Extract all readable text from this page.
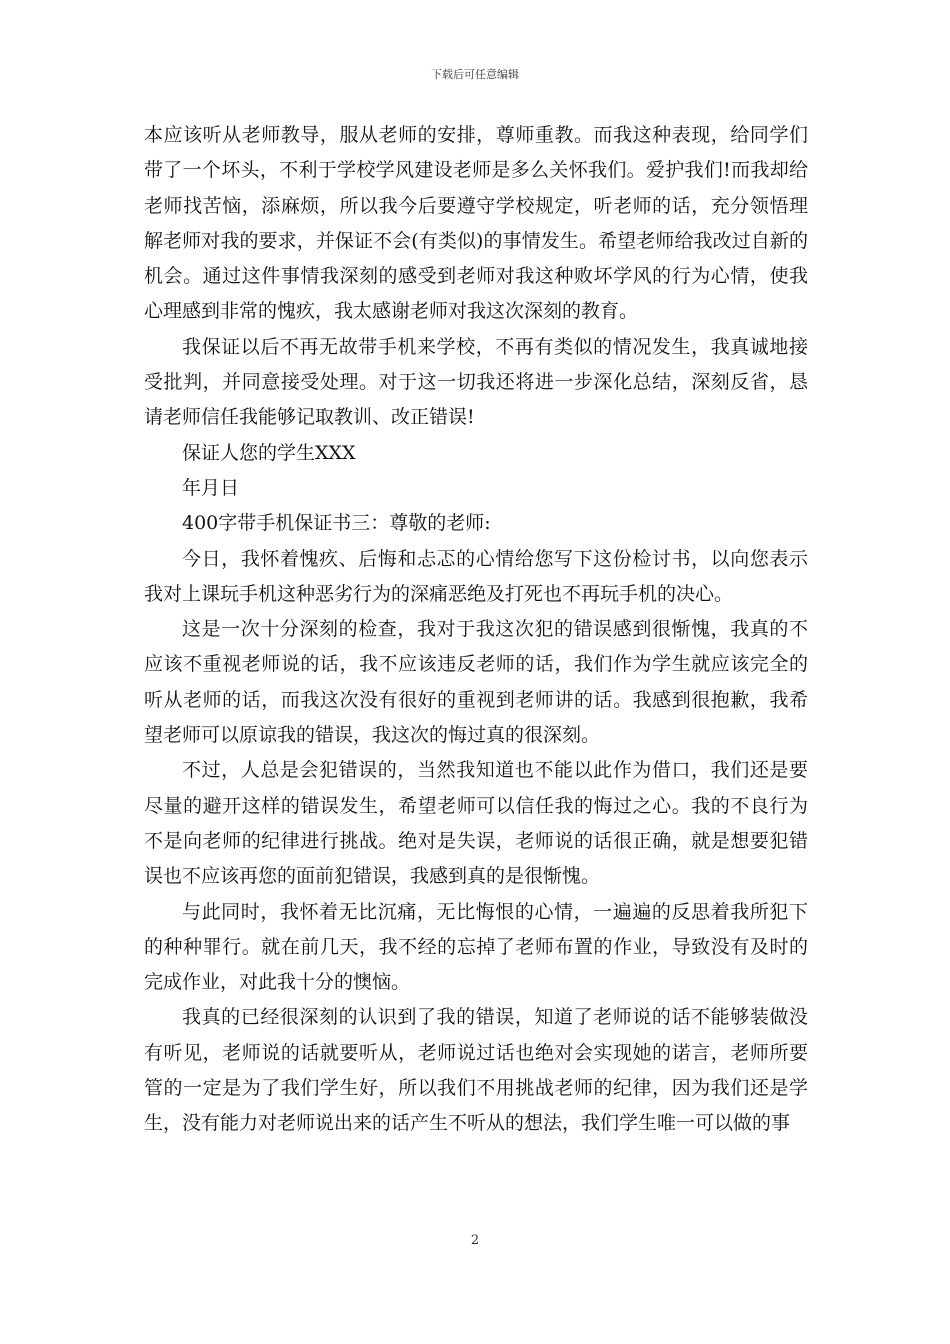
下载后可任意编辑

本应该听从老师教导，服从老师的安排，尊师重教。而我这种表现，给同学们带了一个坏头，不利于学校学风建设老师是多么关怀我们。爱护我们!而我却给老师找苦恼，添麻烦，所以我今后要遵守学校规定，听老师的话，充分领悟理解老师对我的要求，并保证不会(有类似)的事情发生。希望老师给我改过自新的机会。通过这件事情我深刻的感受到老师对我这种败坏学风的行为心情，使我心理感到非常的愧疚，我太感谢老师对我这次深刻的教育。

我保证以后不再无故带手机来学校，不再有类似的情况发生，我真诚地接受批判，并同意接受处理。对于这一切我还将进一步深化总结，深刻反省，恳请老师信任我能够记取教训、改正错误!

保证人您的学生XXX

年月日

400字带手机保证书三：尊敬的老师:

今日，我怀着愧疚、后悔和忐忑的心情给您写下这份检讨书，以向您表示我对上课玩手机这种恶劣行为的深痛恶绝及打死也不再玩手机的决心。

这是一次十分深刻的检查，我对于我这次犯的错误感到很惭愧，我真的不应该不重视老师说的话，我不应该违反老师的话，我们作为学生就应该完全的听从老师的话，而我这次没有很好的重视到老师讲的话。我感到很抱歉，我希望老师可以原谅我的错误，我这次的悔过真的很深刻。

不过，人总是会犯错误的，当然我知道也不能以此作为借口，我们还是要尽量的避开这样的错误发生，希望老师可以信任我的悔过之心。我的不良行为不是向老师的纪律进行挑战。绝对是失误，老师说的话很正确，就是想要犯错误也不应该再您的面前犯错误，我感到真的是很惭愧。

与此同时，我怀着无比沉痛，无比悔恨的心情，一遍遍的反思着我所犯下的种种罪行。就在前几天，我不经的忘掉了老师布置的作业，导致没有及时的完成作业，对此我十分的懊恼。

我真的已经很深刻的认识到了我的错误，知道了老师说的话不能够装做没有听见，老师说的话就要听从，老师说过话也绝对会实现她的诺言，老师所要管的一定是为了我们学生好，所以我们不用挑战老师的纪律，因为我们还是学生，没有能力对老师说出来的话产生不听从的想法，我们学生唯一可以做的事

2
